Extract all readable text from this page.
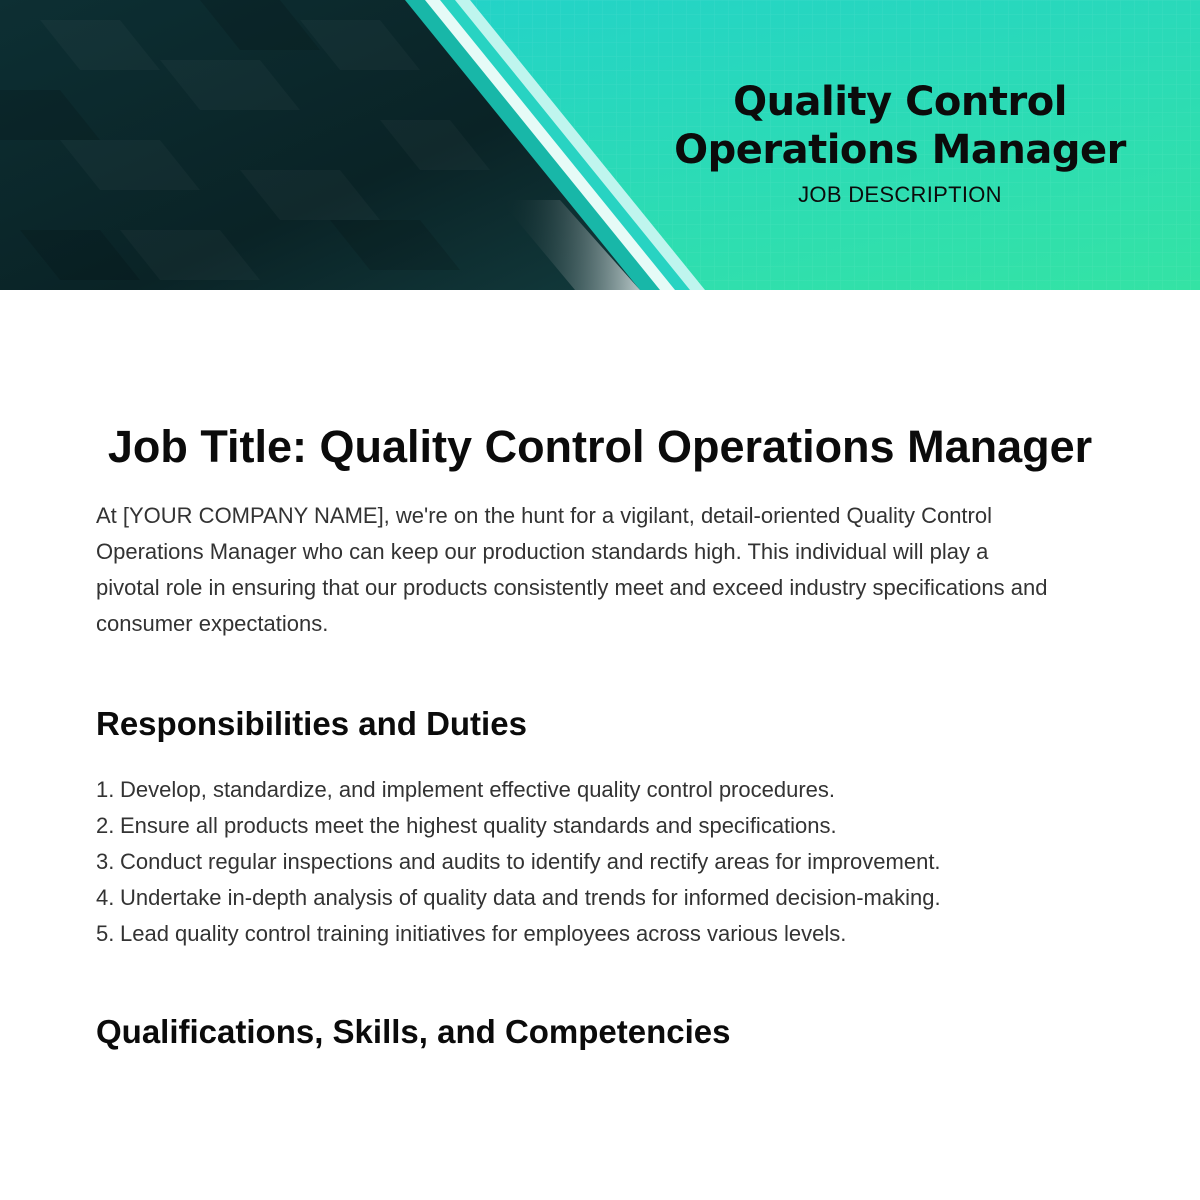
Quality Control
Operations Manager
JOB DESCRIPTION
Job Title: Quality Control Operations Manager

At [YOUR COMPANY NAME], we're on the hunt for a vigilant, detail-oriented Quality Control Operations Manager who can keep our production standards high. This individual will play a pivotal role in ensuring that our products consistently meet and exceed industry specifications and consumer expectations.

Responsibilities and Duties
1. Develop, standardize, and implement effective quality control procedures.
2. Ensure all products meet the highest quality standards and specifications.
3. Conduct regular inspections and audits to identify and rectify areas for improvement.
4. Undertake in-depth analysis of quality data and trends for informed decision-making.
5. Lead quality control training initiatives for employees across various levels.
Qualifications, Skills, and Competencies
